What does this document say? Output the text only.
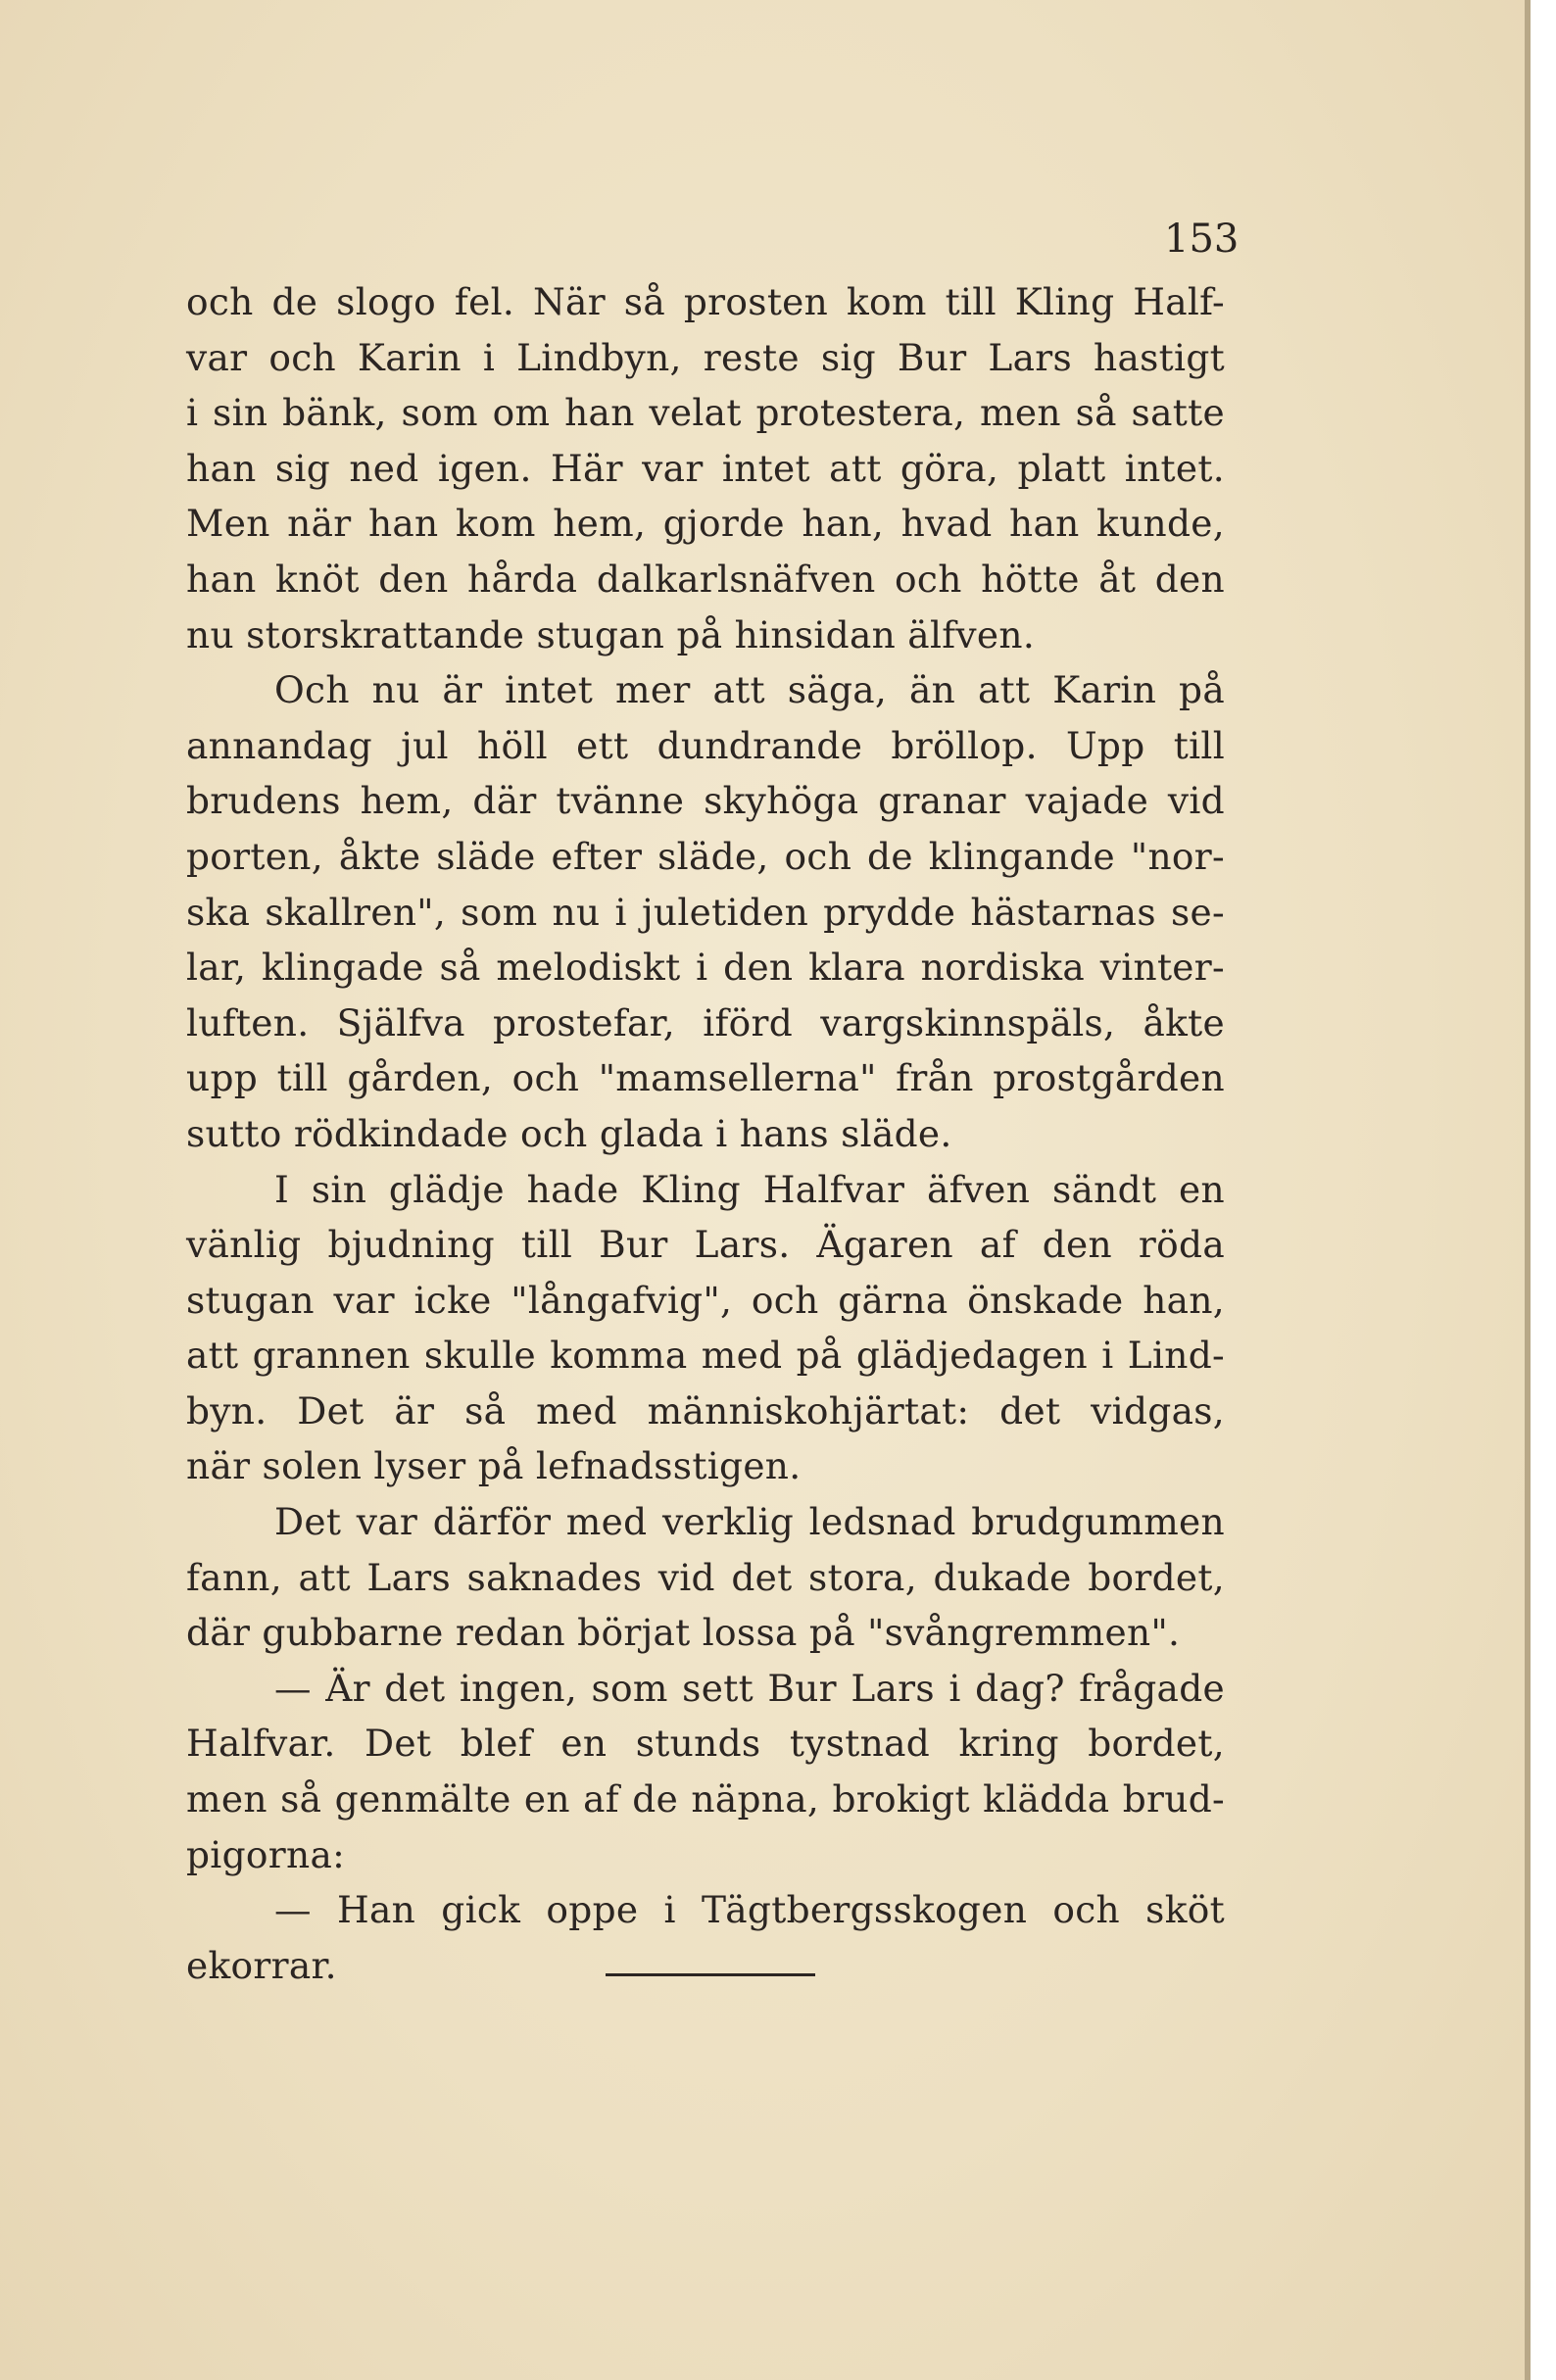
153
och de slogo fel. När så prosten kom till Kling Half-
var och Karin i Lindbyn, reste sig Bur Lars hastigt
i sin bänk, som om han velat protestera, men så satte
han sig ned igen. Här var intet att göra, platt intet.
Men när han kom hem, gjorde han, hvad han kunde,
han knöt den hårda dalkarlsnäfven och hötte åt den
nu storskrattande stugan på hinsidan älfven.
Och nu är intet mer att säga, än att Karin på
annandag jul höll ett dundrande bröllop. Upp till
brudens hem, där tvänne skyhöga granar vajade vid
porten, åkte släde efter släde, och de klingande "nor-
ska skallren", som nu i juletiden prydde hästarnas se-
lar, klingade så melodiskt i den klara nordiska vinter-
luften. Själfva prostefar, iförd vargskinnspäls, åkte
upp till gården, och "mamsellerna" från prostgården
sutto rödkindade och glada i hans släde.
I sin glädje hade Kling Halfvar äfven sändt en
vänlig bjudning till Bur Lars. Ägaren af den röda
stugan var icke "långafvig", och gärna önskade han,
att grannen skulle komma med på glädjedagen i Lind-
byn. Det är så med människohjärtat: det vidgas,
när solen lyser på lefnadsstigen.
Det var därför med verklig ledsnad brudgummen
fann, att Lars saknades vid det stora, dukade bordet,
där gubbarne redan börjat lossa på "svångremmen".
— Är det ingen, som sett Bur Lars i dag? frågade
Halfvar. Det blef en stunds tystnad kring bordet,
men så genmälte en af de näpna, brokigt klädda brud-
pigorna:
— Han gick oppe i Tägtbergsskogen och sköt
ekorrar.
